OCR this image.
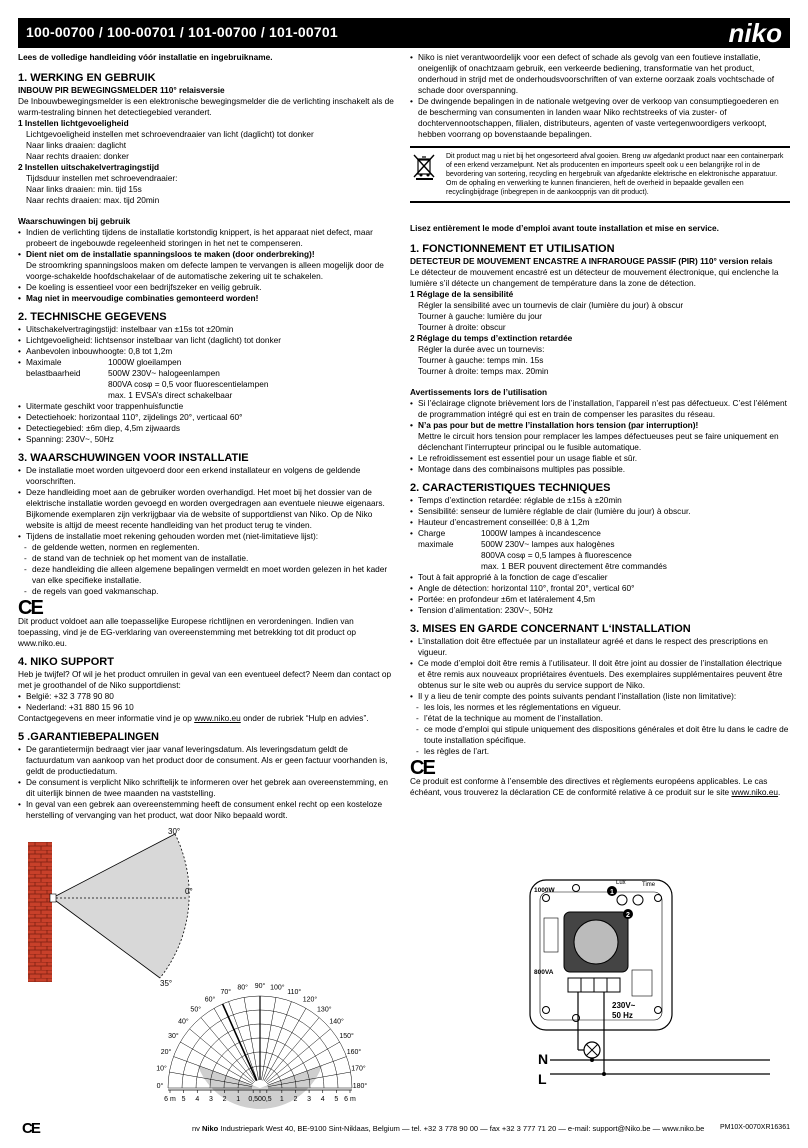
100-00700 / 100-00701 / 101-00700 / 101-00701	niko

Lees de volledige handleiding vóór installatie en ingebruikname.

1. WERKING EN GEBRUIK

INBOUW PIR BEWEGINGSMELDER 110° relaisversie

De Inbouwbewegingsmelder is een elektronische bewegingsmelder die de verlichting inschakelt als de warm-testraling binnen het detectiegebied verandert.

1 Instellen lichtgevoeligheid

Lichtgevoeligheid instellen met schroevendraaier van licht (daglicht) tot donker

Naar links draaien: daglicht

Naar rechts draaien: donker

2 Instellen uitschakelvertragingstijd

Tijdsduur instellen met schroevendraaier:

Naar links draaien: min. tijd 15s

Naar rechts draaien: max. tijd 20min

Waarschuwingen bij gebruik

• Indien de verlichting tijdens de installatie kortstondig knippert, is het apparaat niet defect, maar probeert de ingebouwde regeleenheid storingen in het net te compenseren.

• Dient niet om de installatie spanningsloos te maken (door onderbreking)!

De stroomkring spanningsloos maken om defecte lampen te vervangen is alleen mogelijk door de voorge-schakelde hoofdschakelaar of de automatische zekering uit te schakelen.

• De koeling is essentieel voor een bedrijfszeker en veilig gebruik.

• Mag niet in meervoudige combinaties gemonteerd worden!

2. TECHNISCHE GEGEVENS

• Uitschakelvertragingstijd: instelbaar van ±15s tot ±20min

• Lichtgevoeligheid: lichtsensor instelbaar van licht (daglicht) tot donker

• Aanbevolen inbouwhoogte: 0,8 tot 1,2m

• Maximale belastbaarheid
1000W gloeilampen
500W 230V~ halogeenlampen
800VA cosφ = 0,5 voor fluorescentielampen
max. 1 EVSA’s direct schakelbaar

• Uitermate geschikt voor trappenhuisfunctie

• Detectiehoek: horizontaal 110°, zijdelings 20°, verticaal 60°

• Detectiegebied: ±6m diep, 4,5m zijwaards

• Spanning: 230V~, 50Hz

3. WAARSCHUWINGEN VOOR INSTALLATIE

• De installatie moet worden uitgevoerd door een erkend installateur en volgens de geldende voorschriften.

• Deze handleiding moet aan de gebruiker worden overhandigd. Het moet bij het dossier van de elektrische installatie worden gevoegd en worden overgedragen aan eventuele nieuwe eigenaars. Bijkomende exemplaren zijn verkrijgbaar via de website of supportdienst van Niko. Op de Niko website is altijd de meest recente handleiding van het product terug te vinden.

• Tijdens de installatie moet rekening gehouden worden met (niet-limitatieve lijst):

- de geldende wetten, normen en reglementen.

- de stand van de techniek op het moment van de installatie.

- deze handleiding die alleen algemene bepalingen vermeldt en moet worden gelezen in het kader van elke specifieke installatie.

- de regels van goed vakmanschap.

CE

Dit product voldoet aan alle toepasselijke Europese richtlijnen en verordeningen. Indien van toepassing, vind je de EG-verklaring van overeenstemming met betrekking tot dit product op www.niko.eu.

4. NIKO SUPPORT

Heb je twijfel? Of wil je het product omruilen in geval van een eventueel defect? Neem dan contact op met je groothandel of de Niko supportdienst:

• België: +32 3 778 90 80

• Nederland: +31 880 15 96 10

Contactgegevens en meer informatie vind je op www.niko.eu onder de rubriek “Hulp en advies”.

5 .GARANTIEBEPALINGEN

• De garantietermijn bedraagt vier jaar vanaf leveringsdatum. Als leveringsdatum geldt de factuurdatum van aankoop van het product door de consument. Als er geen factuur voorhanden is, geldt de productiedatum.

• De consument is verplicht Niko schriftelijk te informeren over het gebrek aan overeenstemming, en dit uiterlijk binnen de twee maanden na vaststelling.

• In geval van een gebrek aan overeenstemming heeft de consument enkel recht op een kosteloze herstelling of vervanging van het product, wat door Niko bepaald wordt.

• Niko is niet verantwoordelijk voor een defect of schade als gevolg van een foutieve installatie, oneigenlijk of onachtzaam gebruik, een verkeerde bediening, transformatie van het product, onderhoud in strijd met de onderhoudsvoorschriften of van externe oorzaak zoals vochtschade of schade door overspanning.

• De dwingende bepalingen in de nationale wetgeving over de verkoop van consumptiegoederen en de bescherming van consumenten in landen waar Niko rechtstreeks of via zuster- of dochtervennootschappen, filialen, distributeurs, agenten of vaste vertegenwoordigers verkoopt, hebben voorrang op bovenstaande bepalingen.

Dit product mag u niet bij het ongesorteerd afval gooien. Breng uw afgedankt product naar een containerpark of een erkend verzamelpunt. Net als producenten en importeurs speelt ook u een belangrijke rol in de bevordering van sortering, recycling en hergebruik van afgedankte elektrische en elektronische apparatuur. Om de ophaling en verwerking te kunnen financieren, heft de overheid in bepaalde gevallen een recyclingbijdrage (inbegrepen in de aankoopprijs van dit product).

Lisez entièrement le mode d’emploi avant toute installation et mise en service.

1. FONCTIONNEMENT ET UTILISATION

DETECTEUR DE MOUVEMENT ENCASTRE A INFRAROUGE PASSIF (PIR) 110° version relais

Le détecteur de mouvement encastré est un détecteur de mouvement électronique, qui enclenche la lumière s’il détecte un changement de température dans la zone de détection.

1 Réglage de la sensibilité

Régler la sensibilité avec un tournevis de clair (lumière du jour) à obscur

Tourner à gauche: lumière du jour

Tourner à droite: obscur

2 Réglage du temps d’extinction retardée

Régler la durée avec un tournevis:

Tourner à gauche: temps min. 15s

Tourner à droite: temps max. 20min

Avertissements lors de l’utilisation

• Si l’éclairage clignote brièvement lors de l’installation, l’appareil n’est pas défectueux. C’est l’élément de programmation intégré qui est en train de compenser les parasites du réseau.

• N’a pas pour but de mettre l’installation hors tension (par interruption)!

Mettre le circuit hors tension pour remplacer les lampes défectueuses peut se faire uniquement en déclenchant l’interrupteur principal ou le fusible automatique.

• Le refroidissement est essentiel pour un usage fiable et sûr.

• Montage dans des combinaisons multiples pas possible.

2. CARACTERISTIQUES TECHNIQUES

• Temps d’extinction retardée: réglable de ±15s à ±20min

• Sensibilité: senseur de lumière réglable de clair (lumière du jour) à obscur.

• Hauteur d’encastrement conseillée: 0,8 à 1,2m

• Charge maximale
1000W lampes à incandescence
500W 230V~ lampes aux halogènes
800VA cosφ = 0,5 lampes à fluorescence
max. 1 BER pouvent directement être commandés

• Tout à fait approprié à la fonction de cage d’escalier

• Angle de détection: horizontal 110°, frontal 20°, vertical 60°

• Portée: en profondeur ±6m et latéralement 4,5m

• Tension d’alimentation: 230V~, 50Hz

3. MISES EN GARDE CONCERNANT L‘INSTALLATION

• L’installation doit être effectuée par un installateur agréé et dans le respect des prescriptions en vigueur.

• Ce mode d’emploi doit être remis à l’utilisateur. Il doit être joint au dossier de l’installation électrique et être remis aux nouveaux propriétaires éventuels. Des exemplaires supplémentaires peuvent être obtenus sur le site web ou auprès du service support de Niko.

• Il y a lieu de tenir compte des points suivants pendant l’installation (liste non limitative):

- les lois, les normes et les réglementations en vigueur.

- l’état de la technique au moment de l’installation.

- ce mode d’emploi qui stipule uniquement des dispositions générales et doit être lu dans le cadre de toute installation spécifique.

- les règles de l’art.

CE

Ce produit est conforme à l’ensemble des directives et règlements européens applicables. Le cas échéant, vous trouverez la déclaration CE de conformité relative à ce produit sur le site www.niko.eu.

30°
0°
35°
0°
10°
20°
30°
40°
50°
60°
70°
80° 90° 100°
110°
120°
130°
140°
150°
160°
170°
180°
6 m 5 4 3 2 1 0,5 0 0,5 1 2 3 4 5 6 m
1
2
Lux	Time
1000W
800VA
230V~
50 Hz
N
L
CE	nv Niko Industriepark West 40, BE-9100 Sint-Niklaas, Belgium — tel. +32 3 778 90 00 — fax +32 3 777 71 20 — e-mail: support@Niko.be — www.niko.be PM10X-0070XR16361
